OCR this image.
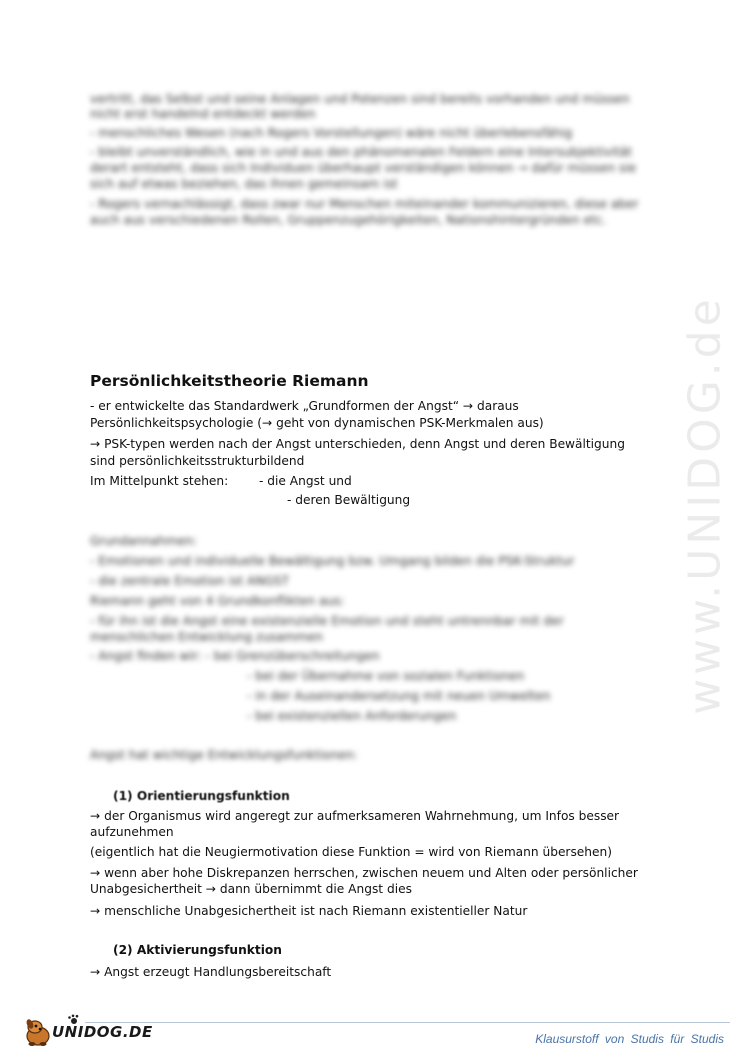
www.UNIDOG.de
vertritt, das Selbst und seine Anlagen und Potenzen sind bereits vorhanden und müssen
nicht erst handelnd entdeckt werden
- menschliches Wesen (nach Rogers Vorstellungen) wäre nicht überlebensfähig
- bleibt unverständlich, wie in und aus den phänomenalen Feldern eine Intersubjektivität
derart entsteht, dass sich Individuen überhaupt verständigen können → dafür müssen sie
sich auf etwas beziehen, das ihnen gemeinsam ist
- Rogers vernachlässigt, dass zwar nur Menschen miteinander kommunizieren, diese aber
auch aus verschiedenen Rollen, Gruppenzugehörigkeiten, Nationshintergründen etc.
Persönlichkeitstheorie Riemann
- er entwickelte das Standardwerk „Grundformen der Angst“ → daraus
Persönlichkeitspsychologie (→ geht von dynamischen PSK-Merkmalen aus)
→ PSK-typen werden nach der Angst unterschieden, denn Angst und deren Bewältigung
sind persönlichkeitsstrukturbildend
Im Mittelpunkt stehen:	- die Angst und
- deren Bewältigung
Grundannahmen:
- Emotionen und individuelle Bewältigung bzw. Umgang bilden die PSK-Struktur
- die zentrale Emotion ist ANGST
Riemann geht von 4 Grundkonflikten aus:
- für ihn ist die Angst eine existenzielle Emotion und steht untrennbar mit der
menschlichen Entwicklung zusammen
- Angst finden wir: - bei Grenzüberschreitungen
- bei der Übernahme von sozialen Funktionen
- in der Auseinandersetzung mit neuen Umwelten
- bei existenziellen Anforderungen
Angst hat wichtige Entwicklungsfunktionen:
(1) Orientierungsfunktion
→ der Organismus wird angeregt zur aufmerksameren Wahrnehmung, um Infos besser
aufzunehmen
(eigentlich hat die Neugiermotivation diese Funktion = wird von Riemann übersehen)
→ wenn aber hohe Diskrepanzen herrschen, zwischen neuem und Alten oder persönlicher
Unabgesichertheit → dann übernimmt die Angst dies
→ menschliche Unabgesichertheit ist nach Riemann existentieller Natur
(2) Aktivierungsfunktion
→ Angst erzeugt Handlungsbereitschaft
UNIDOG.DE	Klausurstoff von Studis für Studis
